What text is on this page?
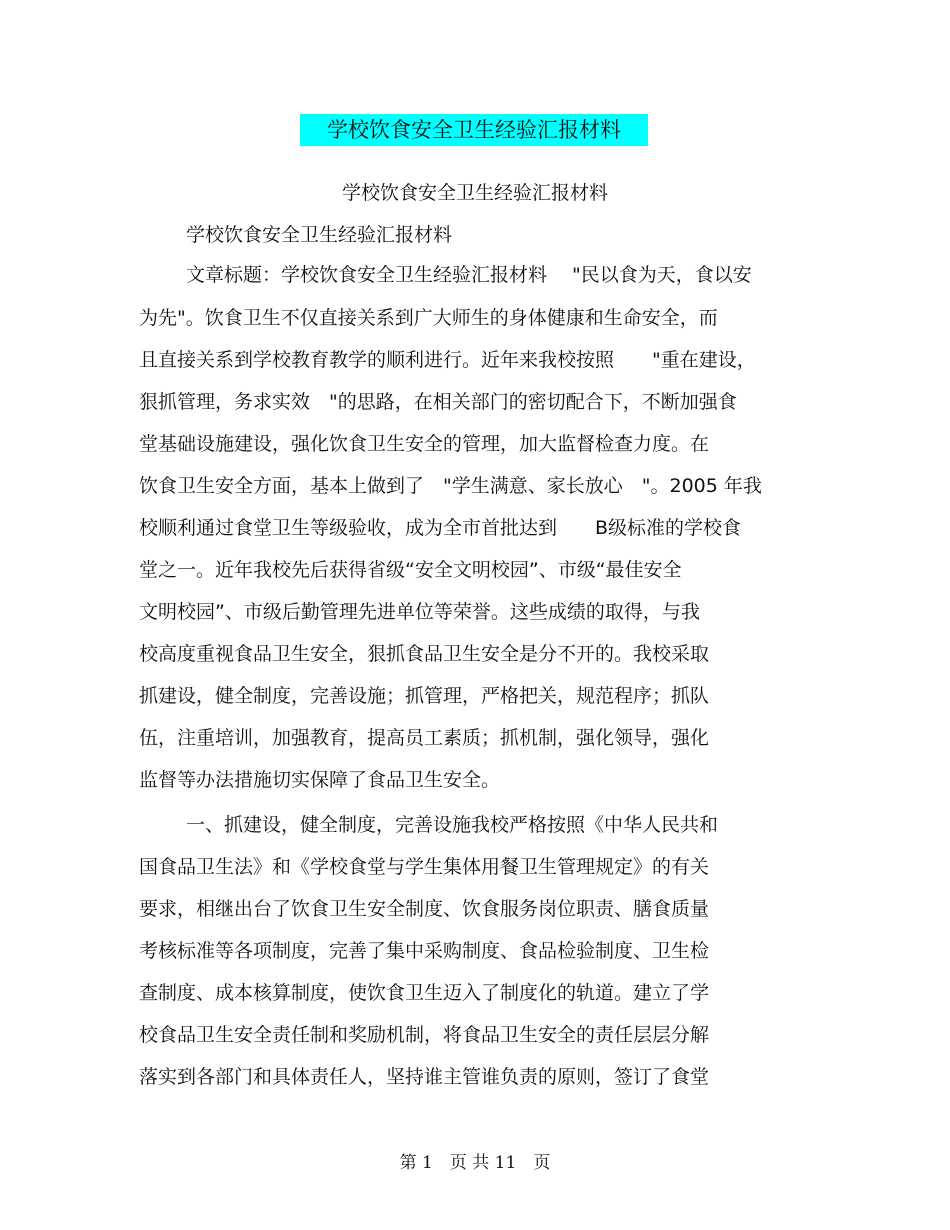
学校饮食安全卫生经验汇报材料
学校饮食安全卫生经验汇报材料
学校饮食安全卫生经验汇报材料
文章标题：学校饮食安全卫生经验汇报材料　 "民以食为天，食以安
为先"。饮食卫生不仅直接关系到广大师生的身体健康和生命安全，而
且直接关系到学校教育教学的顺利进行。近年来我校按照　　"重在建设，
狠抓管理，务求实效　"的思路，在相关部门的密切配合下，不断加强食
堂基础设施建设，强化饮食卫生安全的管理，加大监督检查力度。在
饮食卫生安全方面，基本上做到了　"学生满意、家长放心　"。2005 年我
校顺利通过食堂卫生等级验收，成为全市首批达到　　B级标准的学校食
堂之一。近年我校先后获得省级“安全文明校园”、市级“最佳安全
文明校园”、市级后勤管理先进单位等荣誉。这些成绩的取得，与我
校高度重视食品卫生安全，狠抓食品卫生安全是分不开的。我校采取
抓建设，健全制度，完善设施；抓管理，严格把关，规范程序；抓队
伍，注重培训，加强教育，提高员工素质；抓机制，强化领导，强化
监督等办法措施切实保障了食品卫生安全。
一、抓建设，健全制度，完善设施我校严格按照《中华人民共和
国食品卫生法》和《学校食堂与学生集体用餐卫生管理规定》的有关
要求，相继出台了饮食卫生安全制度、饮食服务岗位职责、膳食质量
考核标准等各项制度，完善了集中采购制度、食品检验制度、卫生检
查制度、成本核算制度，使饮食卫生迈入了制度化的轨道。建立了学
校食品卫生安全责任制和奖励机制，将食品卫生安全的责任层层分解
落实到各部门和具体责任人，坚持谁主管谁负责的原则，签订了食堂
第 1　页 共 11　页
